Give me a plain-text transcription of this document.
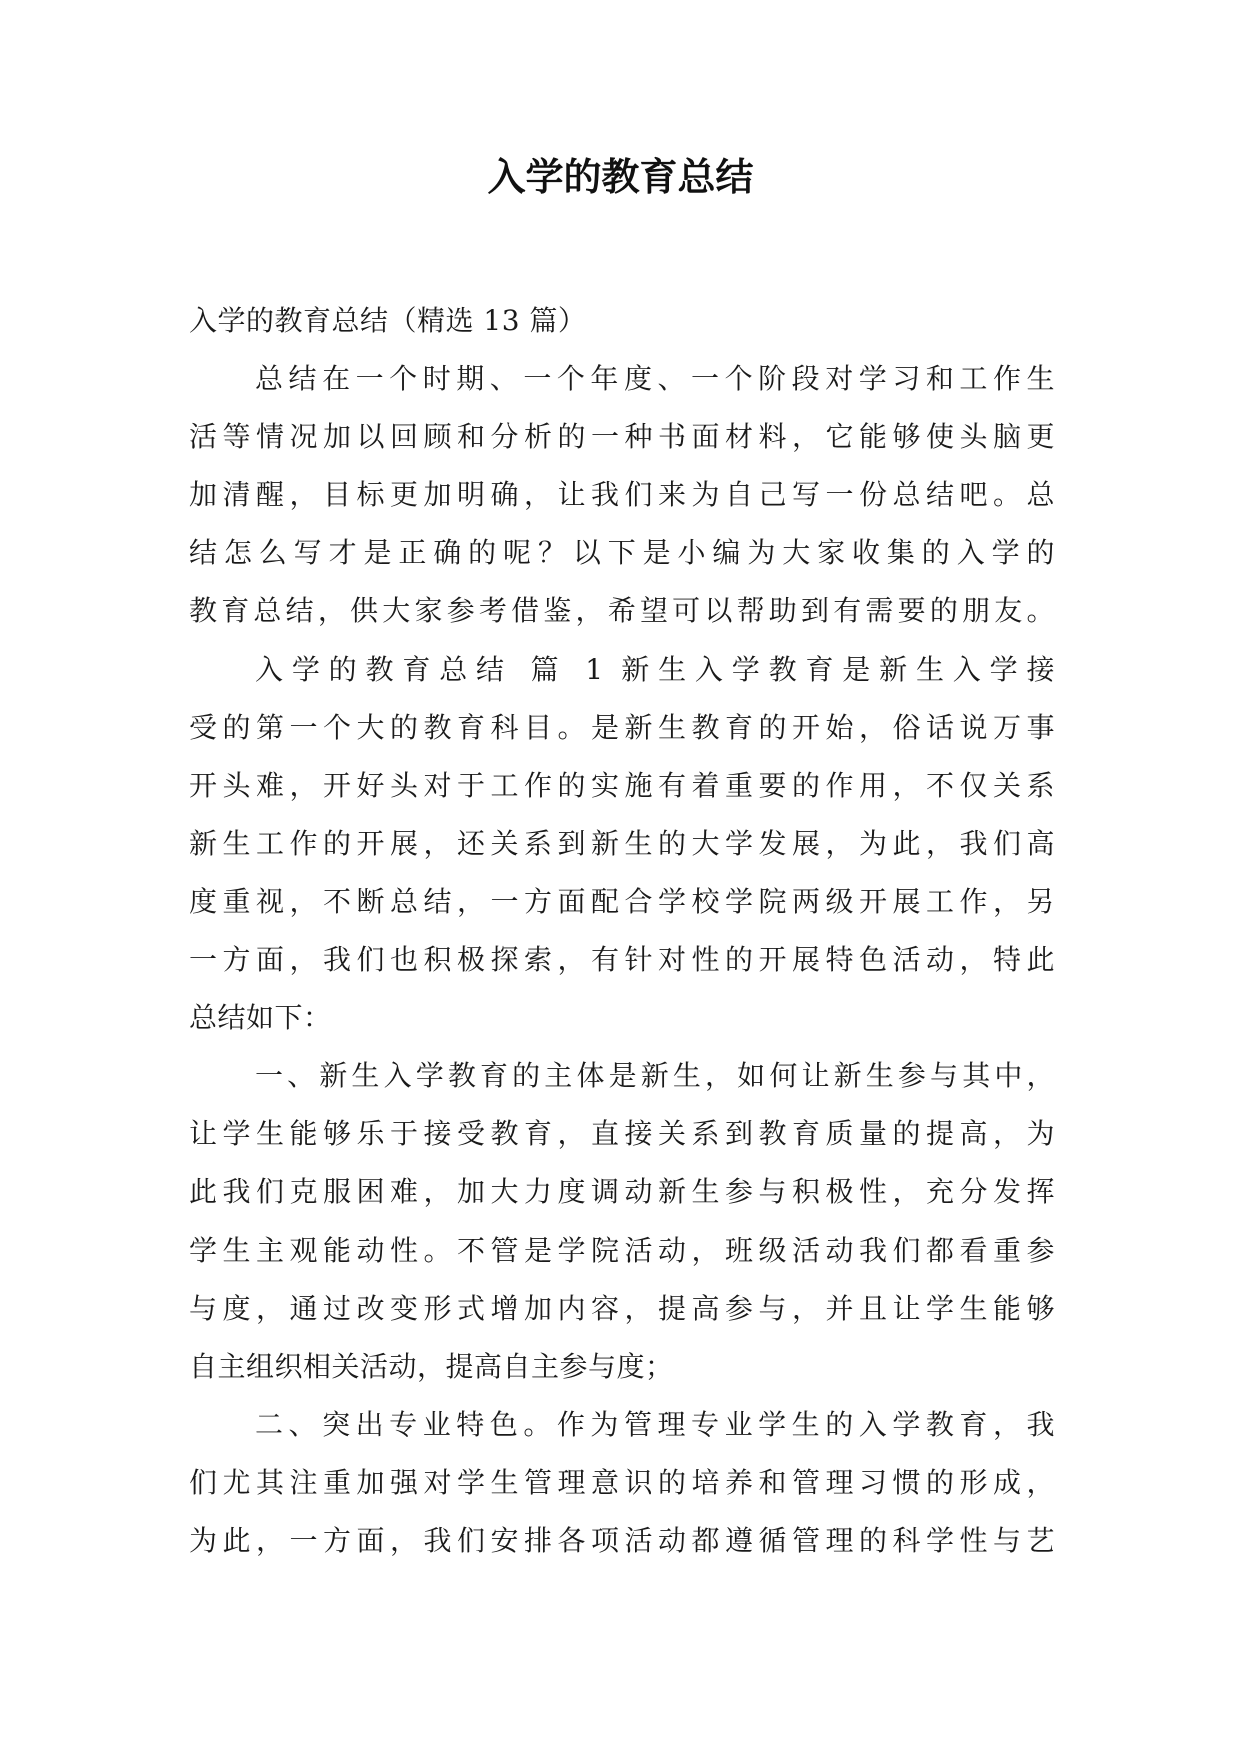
入学的教育总结

入学的教育总结（精选 13 篇）

总结在一个时期、一个年度、一个阶段对学习和工作生

活等情况加以回顾和分析的一种书面材料，它能够使头脑更

加清醒，目标更加明确，让我们来为自己写一份总结吧。总

结怎么写才是正确的呢？以下是小编为大家收集的入学的

教育总结，供大家参考借鉴，希望可以帮助到有需要的朋友。

入学的教育总结 篇 1 新生入学教育是新生入学接

受的第一个大的教育科目。是新生教育的开始，俗话说万事

开头难，开好头对于工作的实施有着重要的作用，不仅关系

新生工作的开展，还关系到新生的大学发展，为此，我们高

度重视，不断总结，一方面配合学校学院两级开展工作，另

一方面，我们也积极探索，有针对性的开展特色活动，特此

总结如下：

一、新生入学教育的主体是新生，如何让新生参与其中，

让学生能够乐于接受教育，直接关系到教育质量的提高，为

此我们克服困难，加大力度调动新生参与积极性，充分发挥

学生主观能动性。不管是学院活动，班级活动我们都看重参

与度，通过改变形式增加内容，提高参与，并且让学生能够

自主组织相关活动，提高自主参与度；

二、突出专业特色。作为管理专业学生的入学教育，我

们尤其注重加强对学生管理意识的培养和管理习惯的形成，

为此，一方面，我们安排各项活动都遵循管理的科学性与艺
